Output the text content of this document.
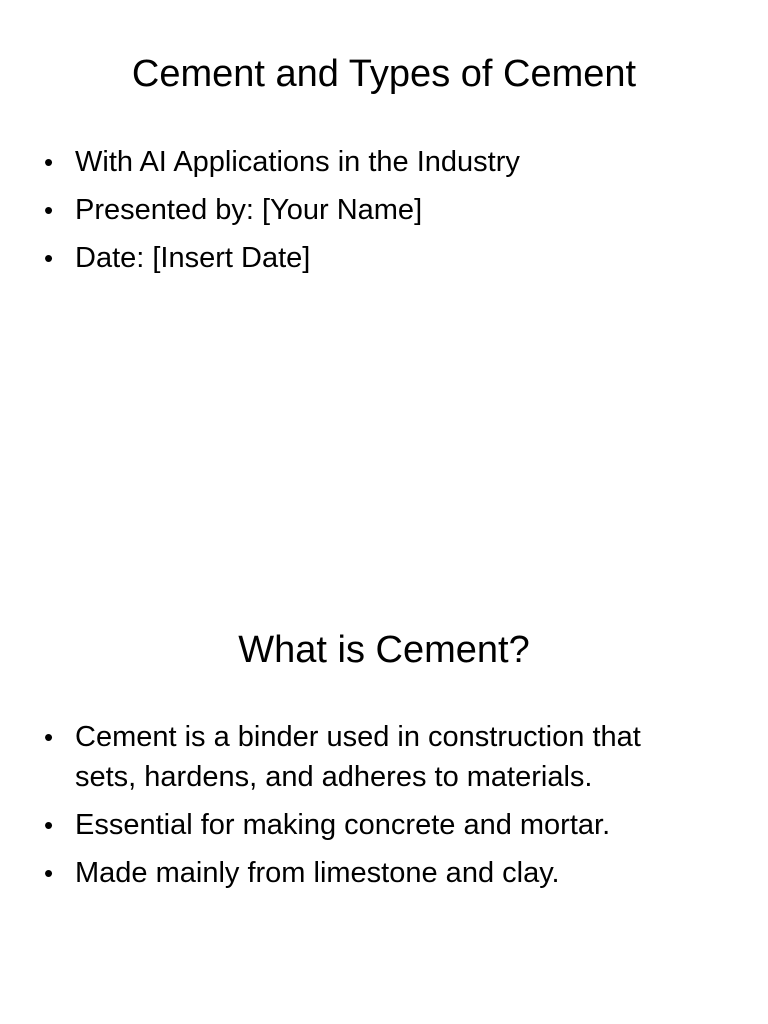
Cement and Types of Cement
• With AI Applications in the Industry
• Presented by: [Your Name]
• Date: [Insert Date]
What is Cement?
• Cement is a binder used in construction that sets, hardens, and adheres to materials.
• Essential for making concrete and mortar.
• Made mainly from limestone and clay.
